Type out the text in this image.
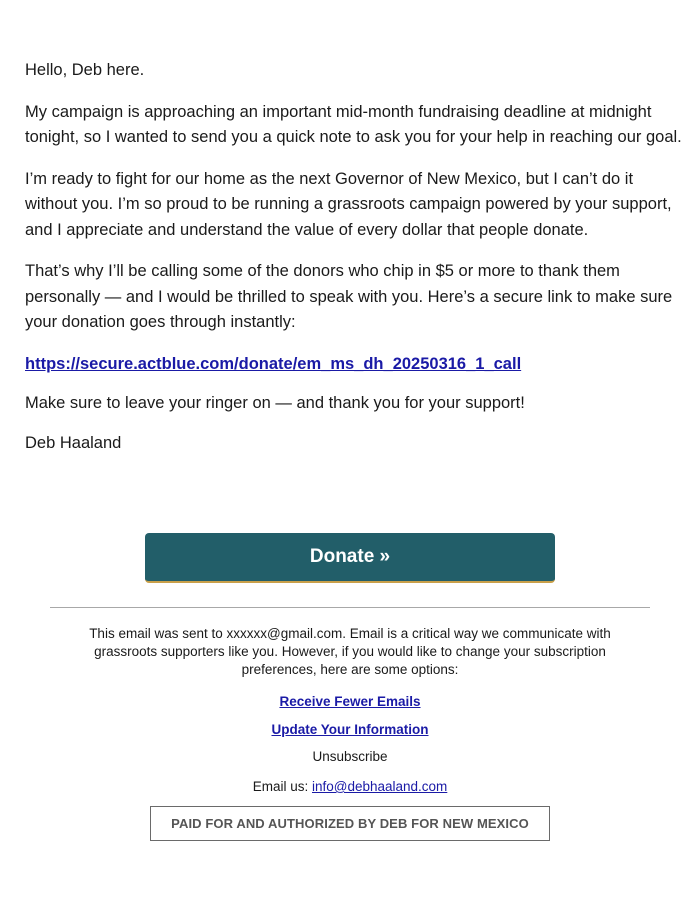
Hello, Deb here.

My campaign is approaching an important mid-month fundraising deadline at midnight tonight, so I wanted to send you a quick note to ask you for your help in reaching our goal.

I’m ready to fight for our home as the next Governor of New Mexico, but I can’t do it without you. I’m so proud to be running a grassroots campaign powered by your support, and I appreciate and understand the value of every dollar that people donate.

That’s why I’ll be calling some of the donors who chip in $5 or more to thank them personally — and I would be thrilled to speak with you. Here’s a secure link to make sure your donation goes through instantly:

https://secure.actblue.com/donate/em_ms_dh_20250316_1_call

Make sure to leave your ringer on — and thank you for your support!

Deb Haaland

Donate »

This email was sent to xxxxxx@gmail.com. Email is a critical way we communicate with grassroots supporters like you. However, if you would like to change your subscription preferences, here are some options:

Receive Fewer Emails

Update Your Information

Unsubscribe

Email us: info@debhaaland.com

PAID FOR AND AUTHORIZED BY DEB FOR NEW MEXICO
